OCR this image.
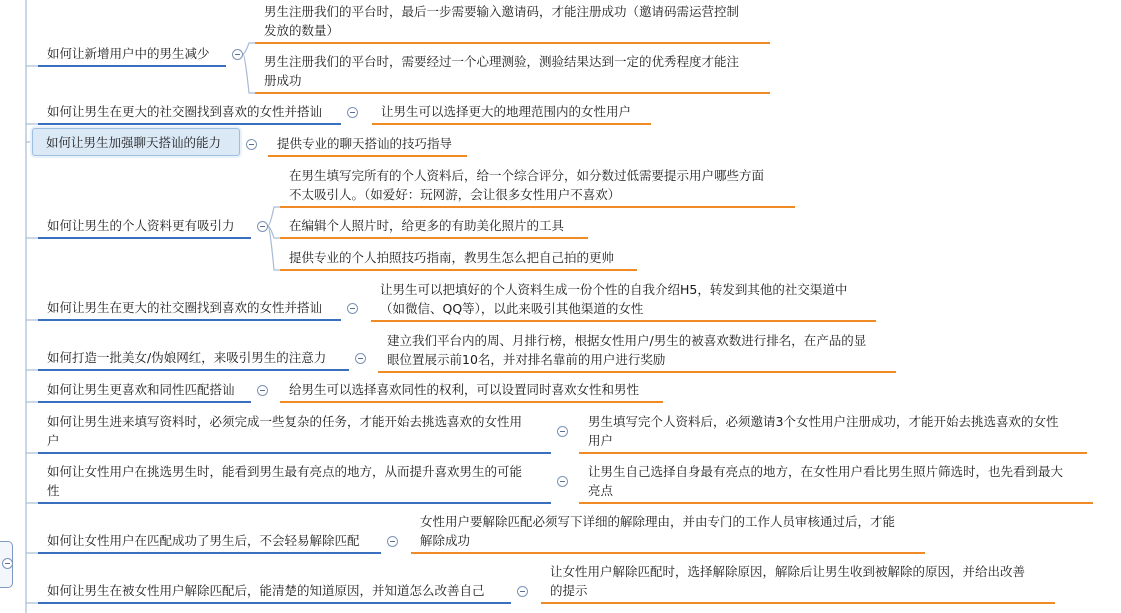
如何让新增用户中的男生减少
男生注册我们的平台时，最后一步需要输入邀请码，才能注册成功（邀请码需运营控制
发放的数量）
男生注册我们的平台时，需要经过一个心理测验，测验结果达到一定的优秀程度才能注
册成功
如何让男生在更大的社交圈找到喜欢的女性并搭讪	让男生可以选择更大的地理范围内的女性用户
如何让男生加强聊天搭讪的能力	提供专业的聊天搭讪的技巧指导
如何让男生的个人资料更有吸引力
在男生填写完所有的个人资料后，给一个综合评分，如分数过低需要提示用户哪些方面
不太吸引人。（如爱好：玩网游，会让很多女性用户不喜欢）
在编辑个人照片时，给更多的有助美化照片的工具
提供专业的个人拍照技巧指南，教男生怎么把自己拍的更帅
如何让男生在更大的社交圈找到喜欢的女性并搭讪
让男生可以把填好的个人资料生成一份个性的自我介绍H5，转发到其他的社交渠道中
（如微信、QQ等），以此来吸引其他渠道的女性
如何打造一批美女/伪娘网红，来吸引男生的注意力
建立我们平台内的周、月排行榜，根据女性用户/男生的被喜欢数进行排名，在产品的显
眼位置展示前10名，并对排名靠前的用户进行奖励
如何让男生更喜欢和同性匹配搭讪	给男生可以选择喜欢同性的权利，可以设置同时喜欢女性和男性
如何让男生进来填写资料时，必须完成一些复杂的任务，才能开始去挑选喜欢的女性用
户
男生填写完个人资料后，必须邀请3个女性用户注册成功，才能开始去挑选喜欢的女性
用户
如何让女性用户在挑选男生时，能看到男生最有亮点的地方，从而提升喜欢男生的可能
性
让男生自己选择自身最有亮点的地方，在女性用户看比男生照片筛选时，也先看到最大
亮点
如何让女性用户在匹配成功了男生后，不会轻易解除匹配
女性用户要解除匹配必须写下详细的解除理由，并由专门的工作人员审核通过后，才能
解除成功
如何让男生在被女性用户解除匹配后，能清楚的知道原因，并知道怎么改善自己
让女性用户解除匹配时，选择解除原因，解除后让男生收到被解除的原因，并给出改善
的提示
